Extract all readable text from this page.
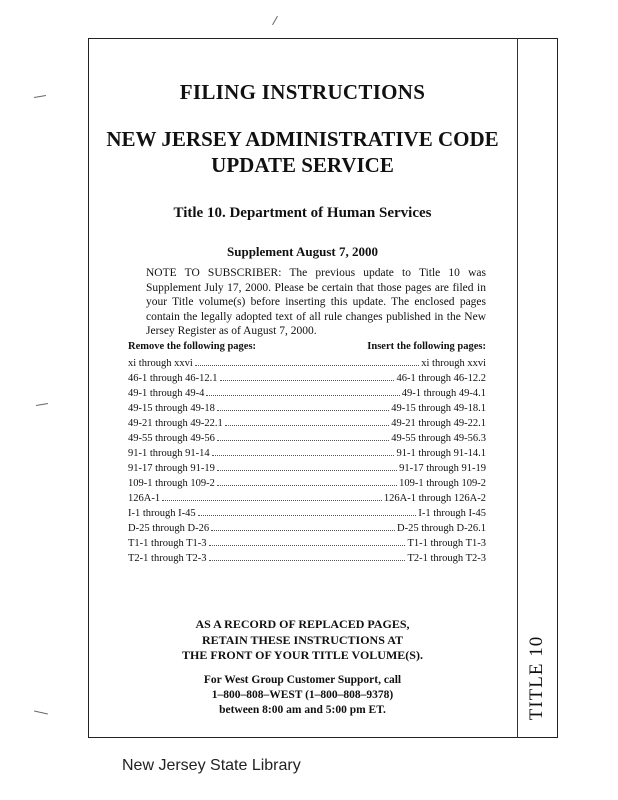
FILING INSTRUCTIONS
NEW JERSEY ADMINISTRATIVE CODE
UPDATE SERVICE
Title 10. Department of Human Services
Supplement August 7, 2000
NOTE TO SUBSCRIBER: The previous update to Title 10 was Supplement July 17, 2000. Please be certain that those pages are filed in your Title volume(s) before inserting this update. The enclosed pages contain the legally adopted text of all rule changes published in the New Jersey Register as of August 7, 2000.
Remove the following pages:	Insert the following pages:
xi through xxvi	xi through xxvi
46-1 through 46-12.1	46-1 through 46-12.2
49-1 through 49-4	49-1 through 49-4.1
49-15 through 49-18	49-15 through 49-18.1
49-21 through 49-22.1	49-21 through 49-22.1
49-55 through 49-56	49-55 through 49-56.3
91-1 through 91-14	91-1 through 91-14.1
91-17 through 91-19	91-17 through 91-19
109-1 through 109-2	109-1 through 109-2
126A-1	126A-1 through 126A-2
I-1 through I-45	I-1 through I-45
D-25 through D-26	D-25 through D-26.1
T1-1 through T1-3	T1-1 through T1-3
T2-1 through T2-3	T2-1 through T2-3
AS A RECORD OF REPLACED PAGES,
RETAIN THESE INSTRUCTIONS AT
THE FRONT OF YOUR TITLE VOLUME(S).
For West Group Customer Support, call
1–800–808–WEST (1–800–808–9378)
between 8:00 am and 5:00 pm ET.	TITLE 10
New Jersey State Library
